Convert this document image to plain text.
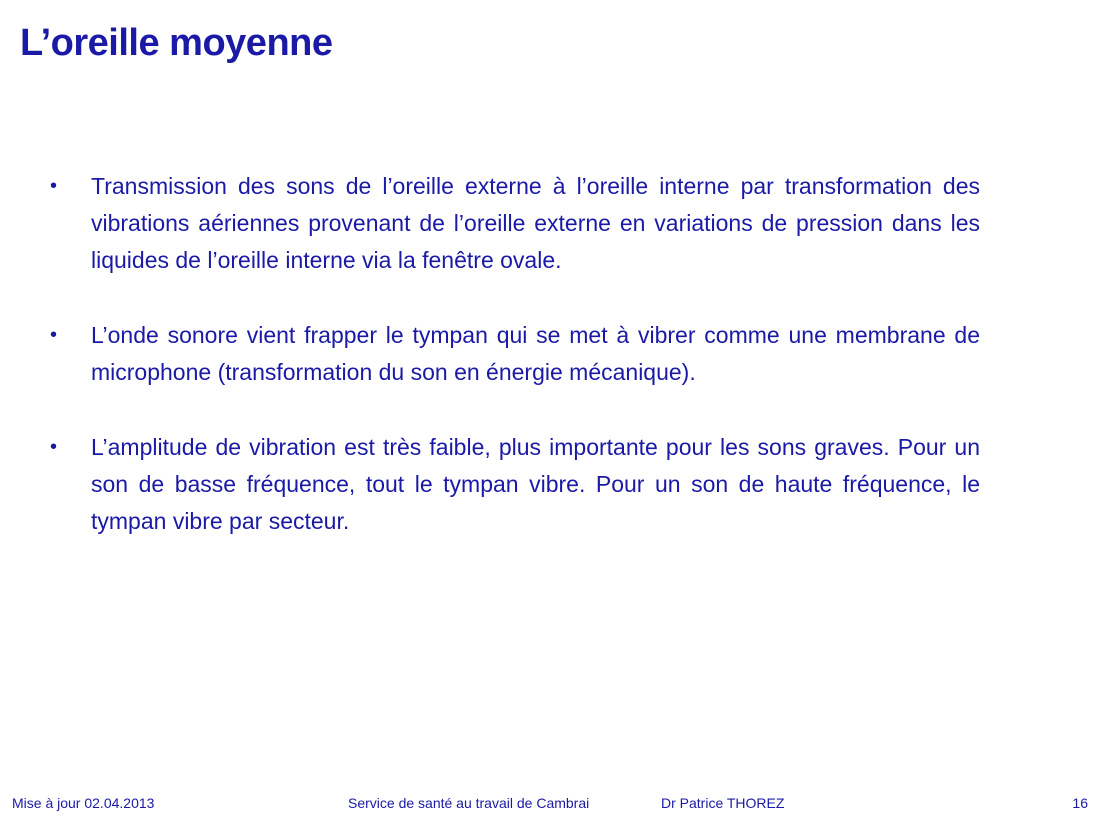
L’oreille moyenne
• Transmission des sons de l’oreille externe à l’oreille interne par transformation des vibrations aériennes provenant de l’oreille externe en variations de pression dans les liquides de l’oreille interne via la fenêtre ovale.
• L’onde sonore vient frapper le tympan qui se met à vibrer comme une membrane de microphone (transformation du son en énergie mécanique).
• L’amplitude de vibration est très faible, plus importante pour les sons graves. Pour un son de basse fréquence, tout le tympan vibre. Pour un son de haute fréquence, le tympan vibre par secteur.
Mise à jour 02.04.2013	Service de santé au travail de Cambrai	Dr Patrice THOREZ	16
